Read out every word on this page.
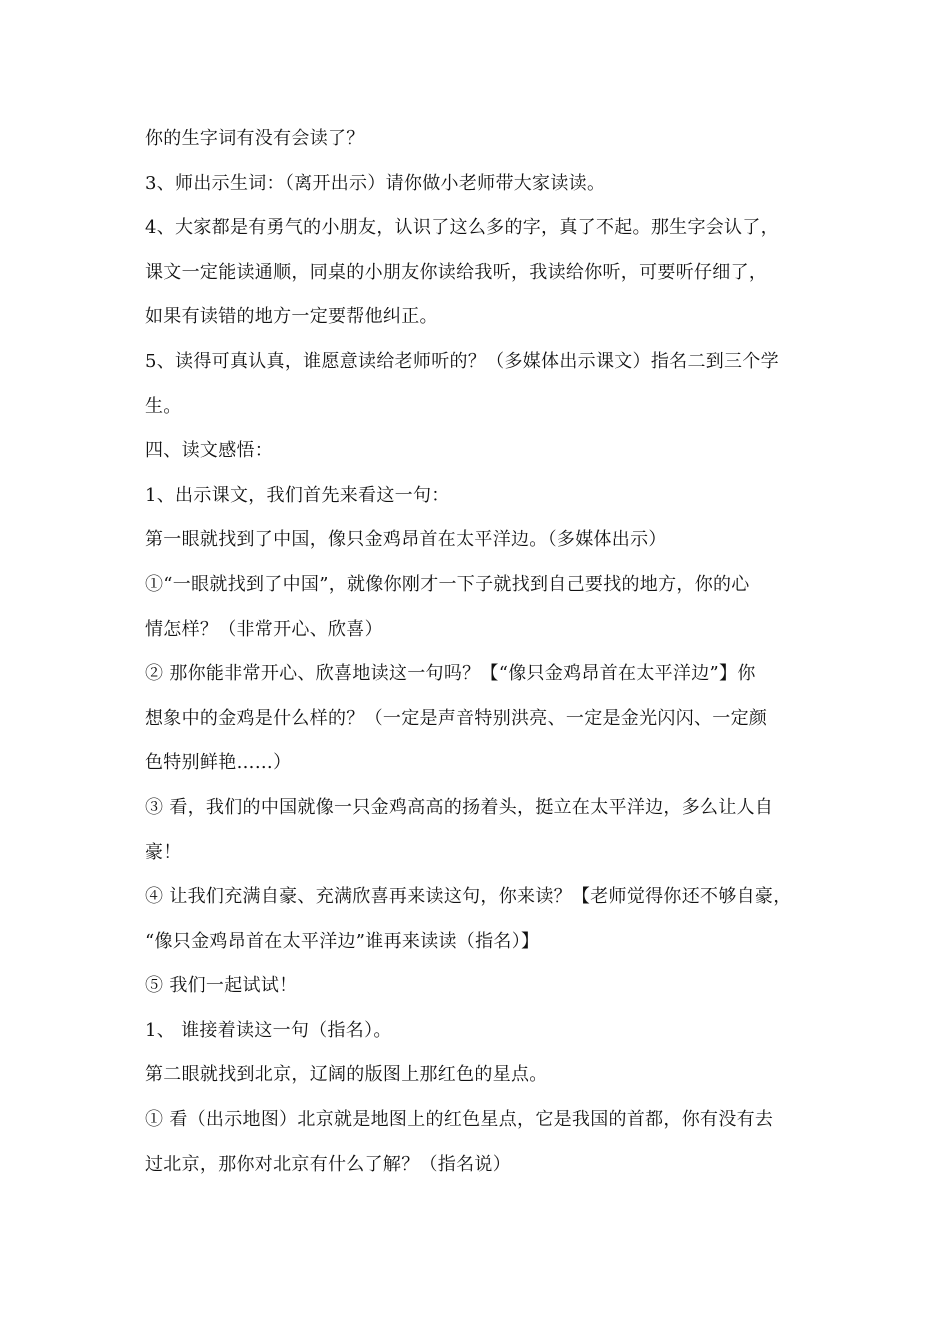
你的生字词有没有会读了？
3、师出示生词：（离开出示）请你做小老师带大家读读。
4、大家都是有勇气的小朋友，认识了这么多的字，真了不起。那生字会认了，
课文一定能读通顺，同桌的小朋友你读给我听，我读给你听，可要听仔细了，
如果有读错的地方一定要帮他纠正。
5、读得可真认真，谁愿意读给老师听的？（多媒体出示课文）指名二到三个学
生。
四、读文感悟：
1、出示课文，我们首先来看这一句：
第一眼就找到了中国，像只金鸡昂首在太平洋边。（多媒体出示）
①“一眼就找到了中国”，就像你刚才一下子就找到自己要找的地方，你的心
情怎样？（非常开心、欣喜）
② 那你能非常开心、欣喜地读这一句吗？【“像只金鸡昂首在太平洋边”】你
想象中的金鸡是什么样的？（一定是声音特别洪亮、一定是金光闪闪、一定颜
色特别鲜艳……）
③ 看，我们的中国就像一只金鸡高高的扬着头，挺立在太平洋边，多么让人自
豪！
④ 让我们充满自豪、充满欣喜再来读这句，你来读？【老师觉得你还不够自豪，
“像只金鸡昂首在太平洋边”谁再来读读（指名）】
⑤ 我们一起试试！
1、 谁接着读这一句（指名）。
第二眼就找到北京，辽阔的版图上那红色的星点。
① 看（出示地图）北京就是地图上的红色星点，它是我国的首都，你有没有去
过北京，那你对北京有什么了解？（指名说）
